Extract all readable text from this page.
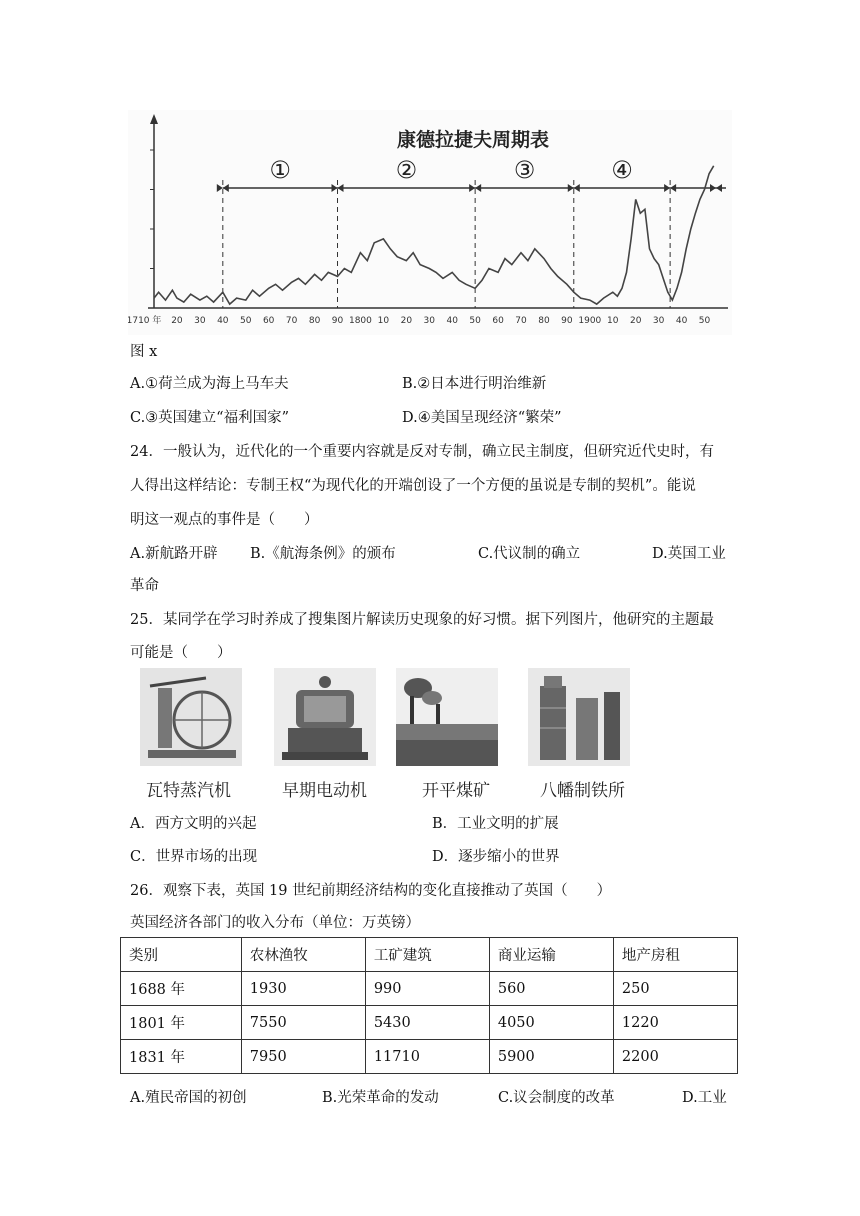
1710 年 20 30 40 50 60 70 80 90 1800 10 20 30 40 50 60 70 80 90 1900 10 20 30 40 50
①	②	③	④
康德拉捷夫周期表
图 x
A.①荷兰成为海上马车夫	B.②日本进行明治维新
C.③英国建立“福利国家”	D.④美国呈现经济“繁荣”
24．一般认为，近代化的一个重要内容就是反对专制，确立民主制度，但研究近代史时，有
人得出这样结论：专制王权“为现代化的开端创设了一个方便的虽说是专制的契机”。能说
明这一观点的事件是（　　）
A.新航路开辟 B.《航海条例》的颁布	C.代议制的确立	D.英国工业
革命
25．某同学在学习时养成了搜集图片解读历史现象的好习惯。据下列图片，他研究的主题最
可能是（　　）
瓦特蒸汽机	早期电动机	开平煤矿	八幡制铁所
A．西方文明的兴起	B．工业文明的扩展
C．世界市场的出现	D．逐步缩小的世界
26．观察下表，英国 19 世纪前期经济结构的变化直接推动了英国（　　）
英国经济各部门的收入分布（单位：万英镑）
类别	农林渔牧	工矿建筑	商业运输	地产房租
1688 年	1930	990	560	250
1801 年	7550	5430	4050	1220
1831 年	7950	11710	5900	2200
A.殖民帝国的初创	B.光荣革命的发动	C.议会制度的改革	D.工业
